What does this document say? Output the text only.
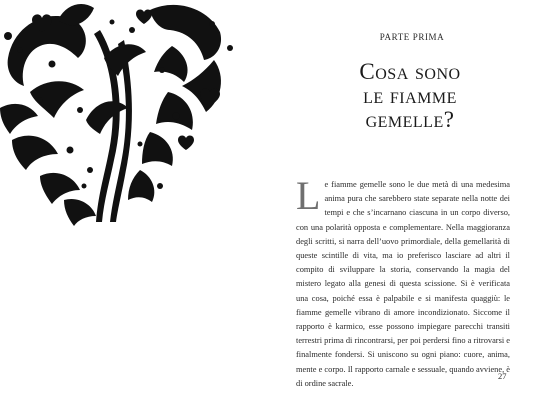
PARTE PRIMA
Cosa sono
le fiamme
gemelle?

Le fiamme gemelle sono le due metà di una medesima anima pura che sarebbero state separate nella notte dei tempi e che s’incarnano ciascuna in un corpo diverso, con una polarità opposta e complementare. Nella maggioranza degli scritti, si narra dell’uovo primordiale, della gemellarità di queste scintille di vita, ma io preferisco lasciare ad altri il compito di sviluppare la storia, conservando la magia del mistero legato alla genesi di questa scissione. Si è verificata una cosa, poiché essa è palpabile e si manifesta quaggiù: le fiamme gemelle vibrano di amore incondizionato. Siccome il rapporto è karmico, esse possono impiegare parecchi transiti terrestri prima di rincontrarsi, per poi perdersi fino a ritrovarsi e finalmente fondersi. Si uniscono su ogni piano: cuore, anima, mente e corpo. Il rapporto carnale e sessuale, quando avviene, è di ordine sacrale.

27
